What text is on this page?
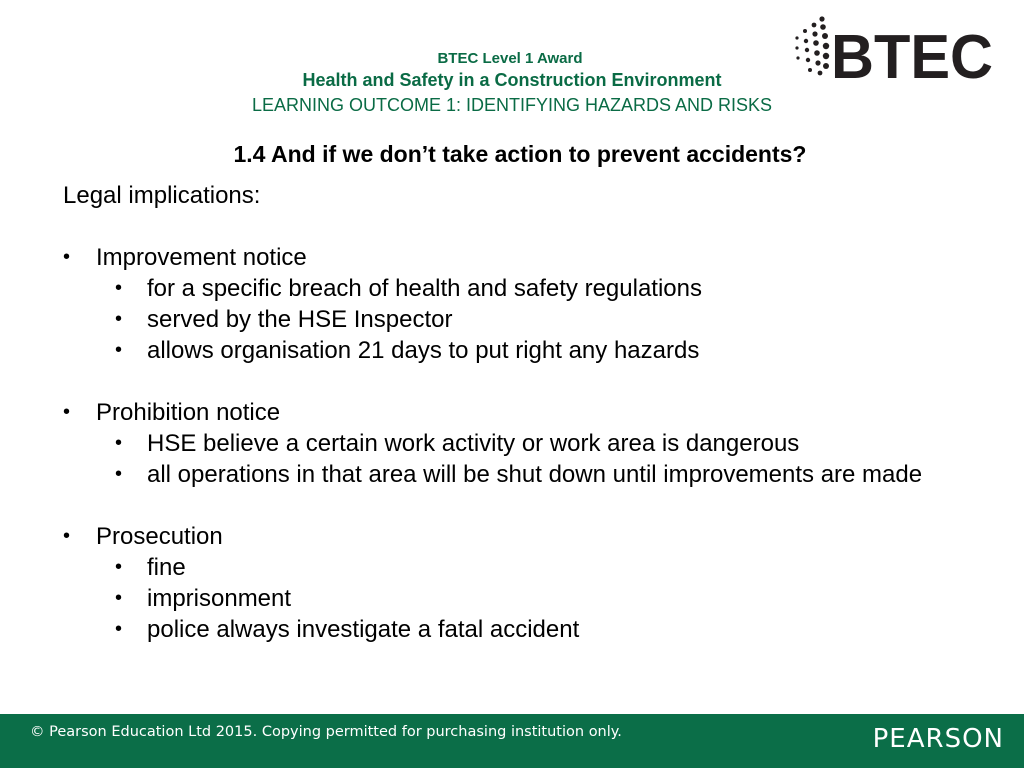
BTEC Level 1 Award
Health and Safety in a Construction Environment
LEARNING OUTCOME 1: IDENTIFYING HAZARDS AND RISKS
BTEC
1.4 And if we don’t take action to prevent accidents?
Legal implications:
• Improvement notice
• for a specific breach of health and safety regulations
• served by the HSE Inspector
• allows organisation 21 days to put right any hazards
• Prohibition notice
• HSE believe a certain work activity or work area is dangerous
• all operations in that area will be shut down until improvements are made
• Prosecution
• fine
• imprisonment
• police always investigate a fatal accident
© Pearson Education Ltd 2015. Copying permitted for purchasing institution only.	PEARSON
